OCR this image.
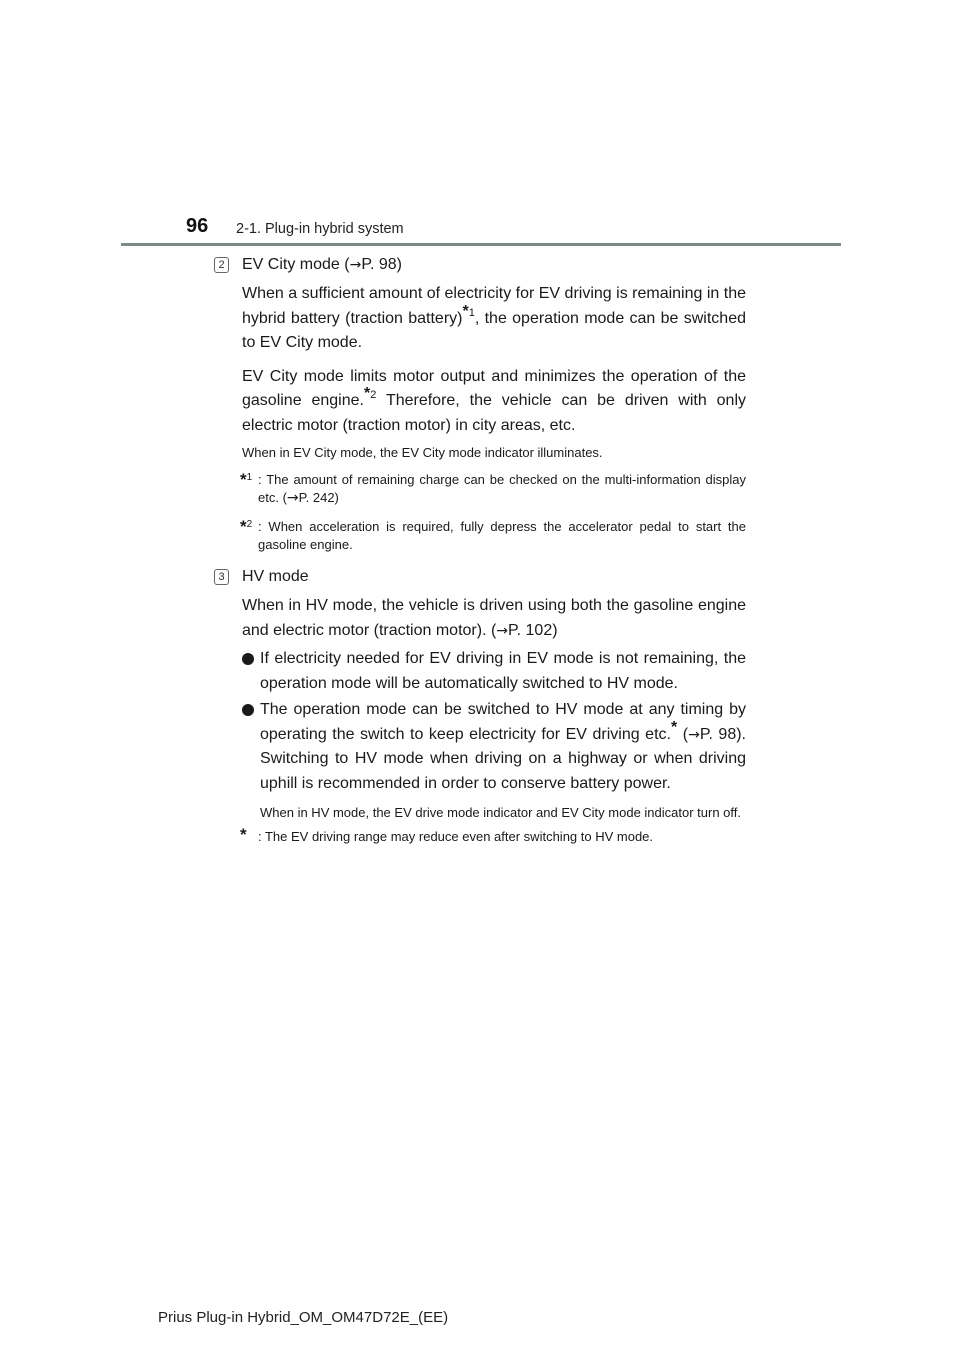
96 2-1. Plug-in hybrid system
2 EV City mode (→P. 98)
When a sufficient amount of electricity for EV driving is remaining in the hybrid battery (traction battery)$^{*1}$, the operation mode can be switched to EV City mode.
EV City mode limits motor output and minimizes the operation of the gasoline engine.$^{*2}$ Therefore, the vehicle can be driven with only electric motor (traction motor) in city areas, etc.
When in EV City mode, the EV City mode indicator illuminates.
*$^1$ : The amount of remaining charge can be checked on the multi-information display etc. (→P. 242)
*$^2$ : When acceleration is required, fully depress the accelerator pedal to start the gasoline engine.
3 HV mode
When in HV mode, the vehicle is driven using both the gasoline engine and electric motor (traction motor). (→P. 102)
If electricity needed for EV driving in EV mode is not remaining, the operation mode will be automatically switched to HV mode.
The operation mode can be switched to HV mode at any timing by operating the switch to keep electricity for EV driving etc.* (→P. 98). Switching to HV mode when driving on a highway or when driving uphill is recommended in order to conserve battery power.
When in HV mode, the EV drive mode indicator and EV City mode indicator turn off.
* : The EV driving range may reduce even after switching to HV mode.
Prius Plug-in Hybrid_OM_OM47D72E_(EE)
